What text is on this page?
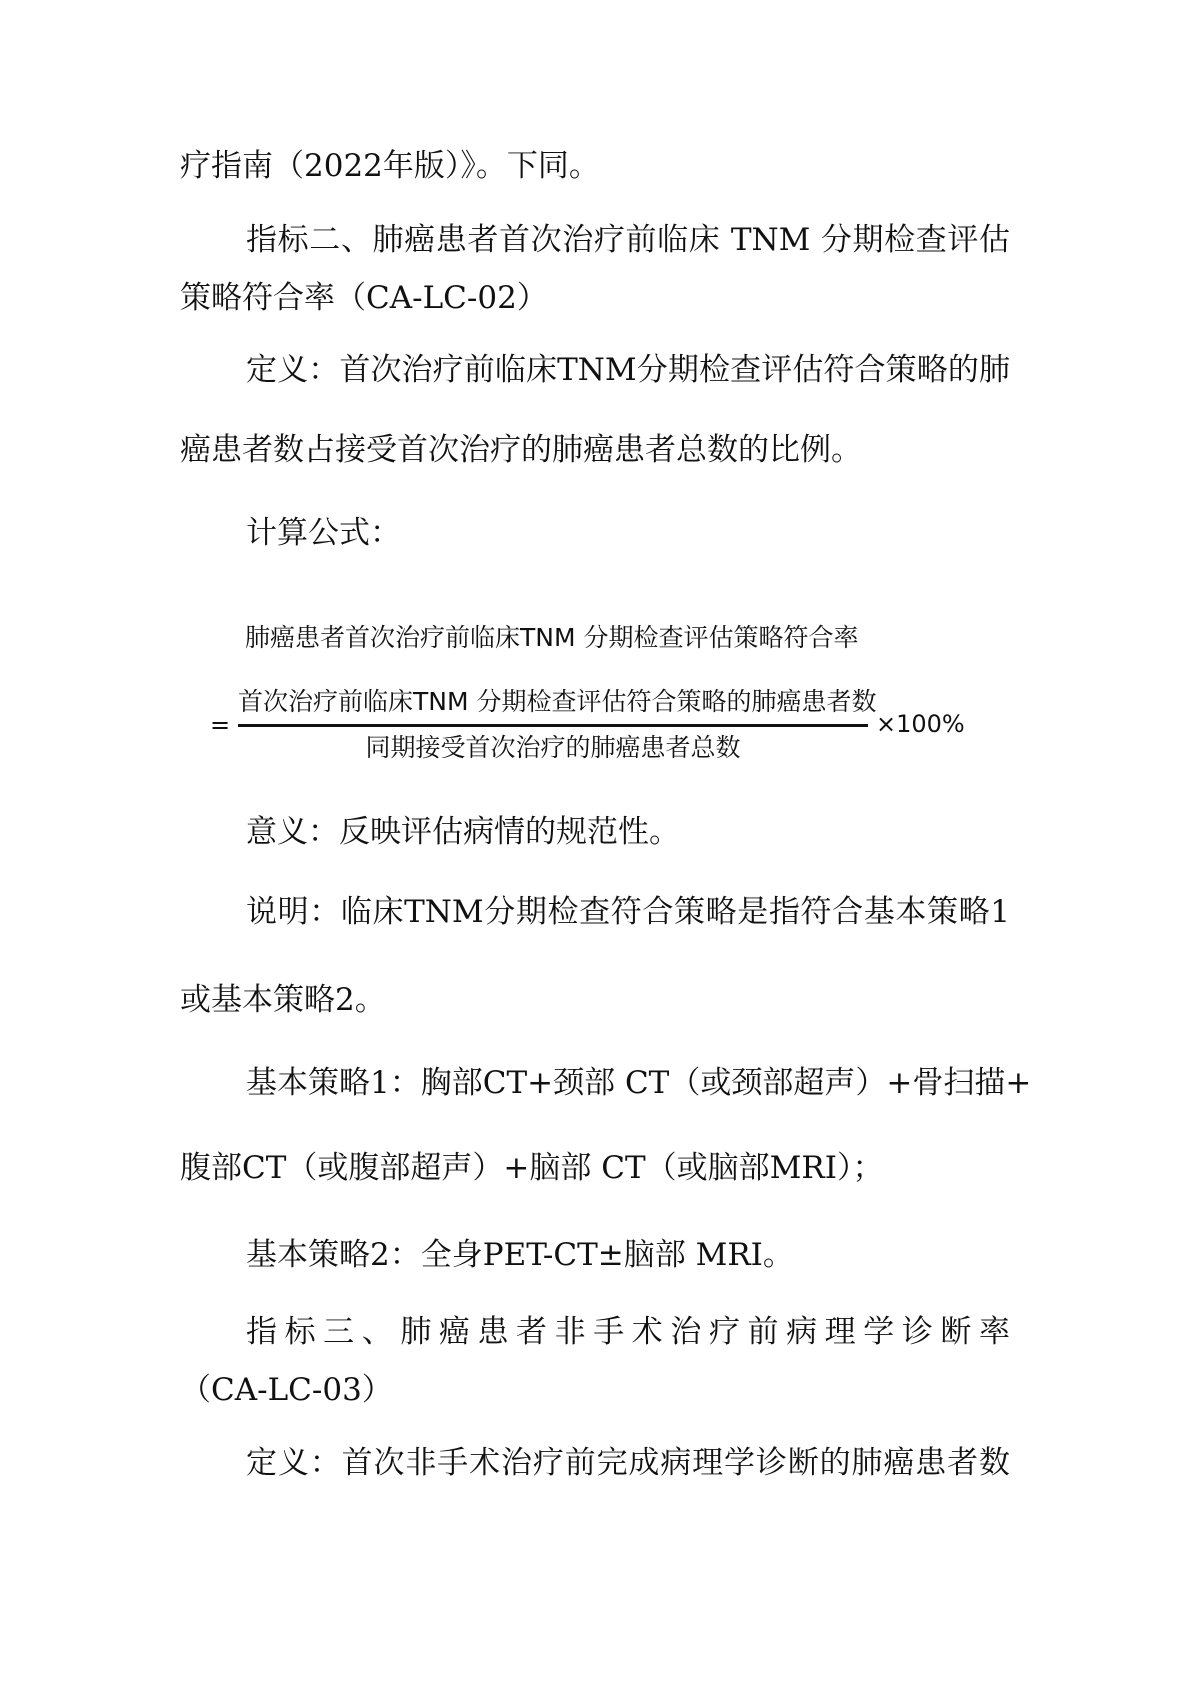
疗指南（2022年版）》。下同。
指标二、肺癌患者首次治疗前临床 TNM 分期检查评估
策略符合率（CA-LC-02）
定义：首次治疗前临床TNM分期检查评估符合策略的肺
癌患者数占接受首次治疗的肺癌患者总数的比例。
计算公式：
肺癌患者首次治疗前临床TNM 分期检查评估策略符合率
=
首次治疗前临床TNM 分期检查评估符合策略的肺癌患者数
同期接受首次治疗的肺癌患者总数
×100%
意义：反映评估病情的规范性。
说明：临床TNM分期检查符合策略是指符合基本策略1
或基本策略2。
基本策略1：胸部CT+颈部 CT（或颈部超声）+骨扫描+
腹部CT（或腹部超声）+脑部 CT（或脑部MRI）；
基本策略2：全身PET-CT±脑部 MRI。
指标三、肺癌患者非手术治疗前病理学诊断率
（CA-LC-03）
定义：首次非手术治疗前完成病理学诊断的肺癌患者数
